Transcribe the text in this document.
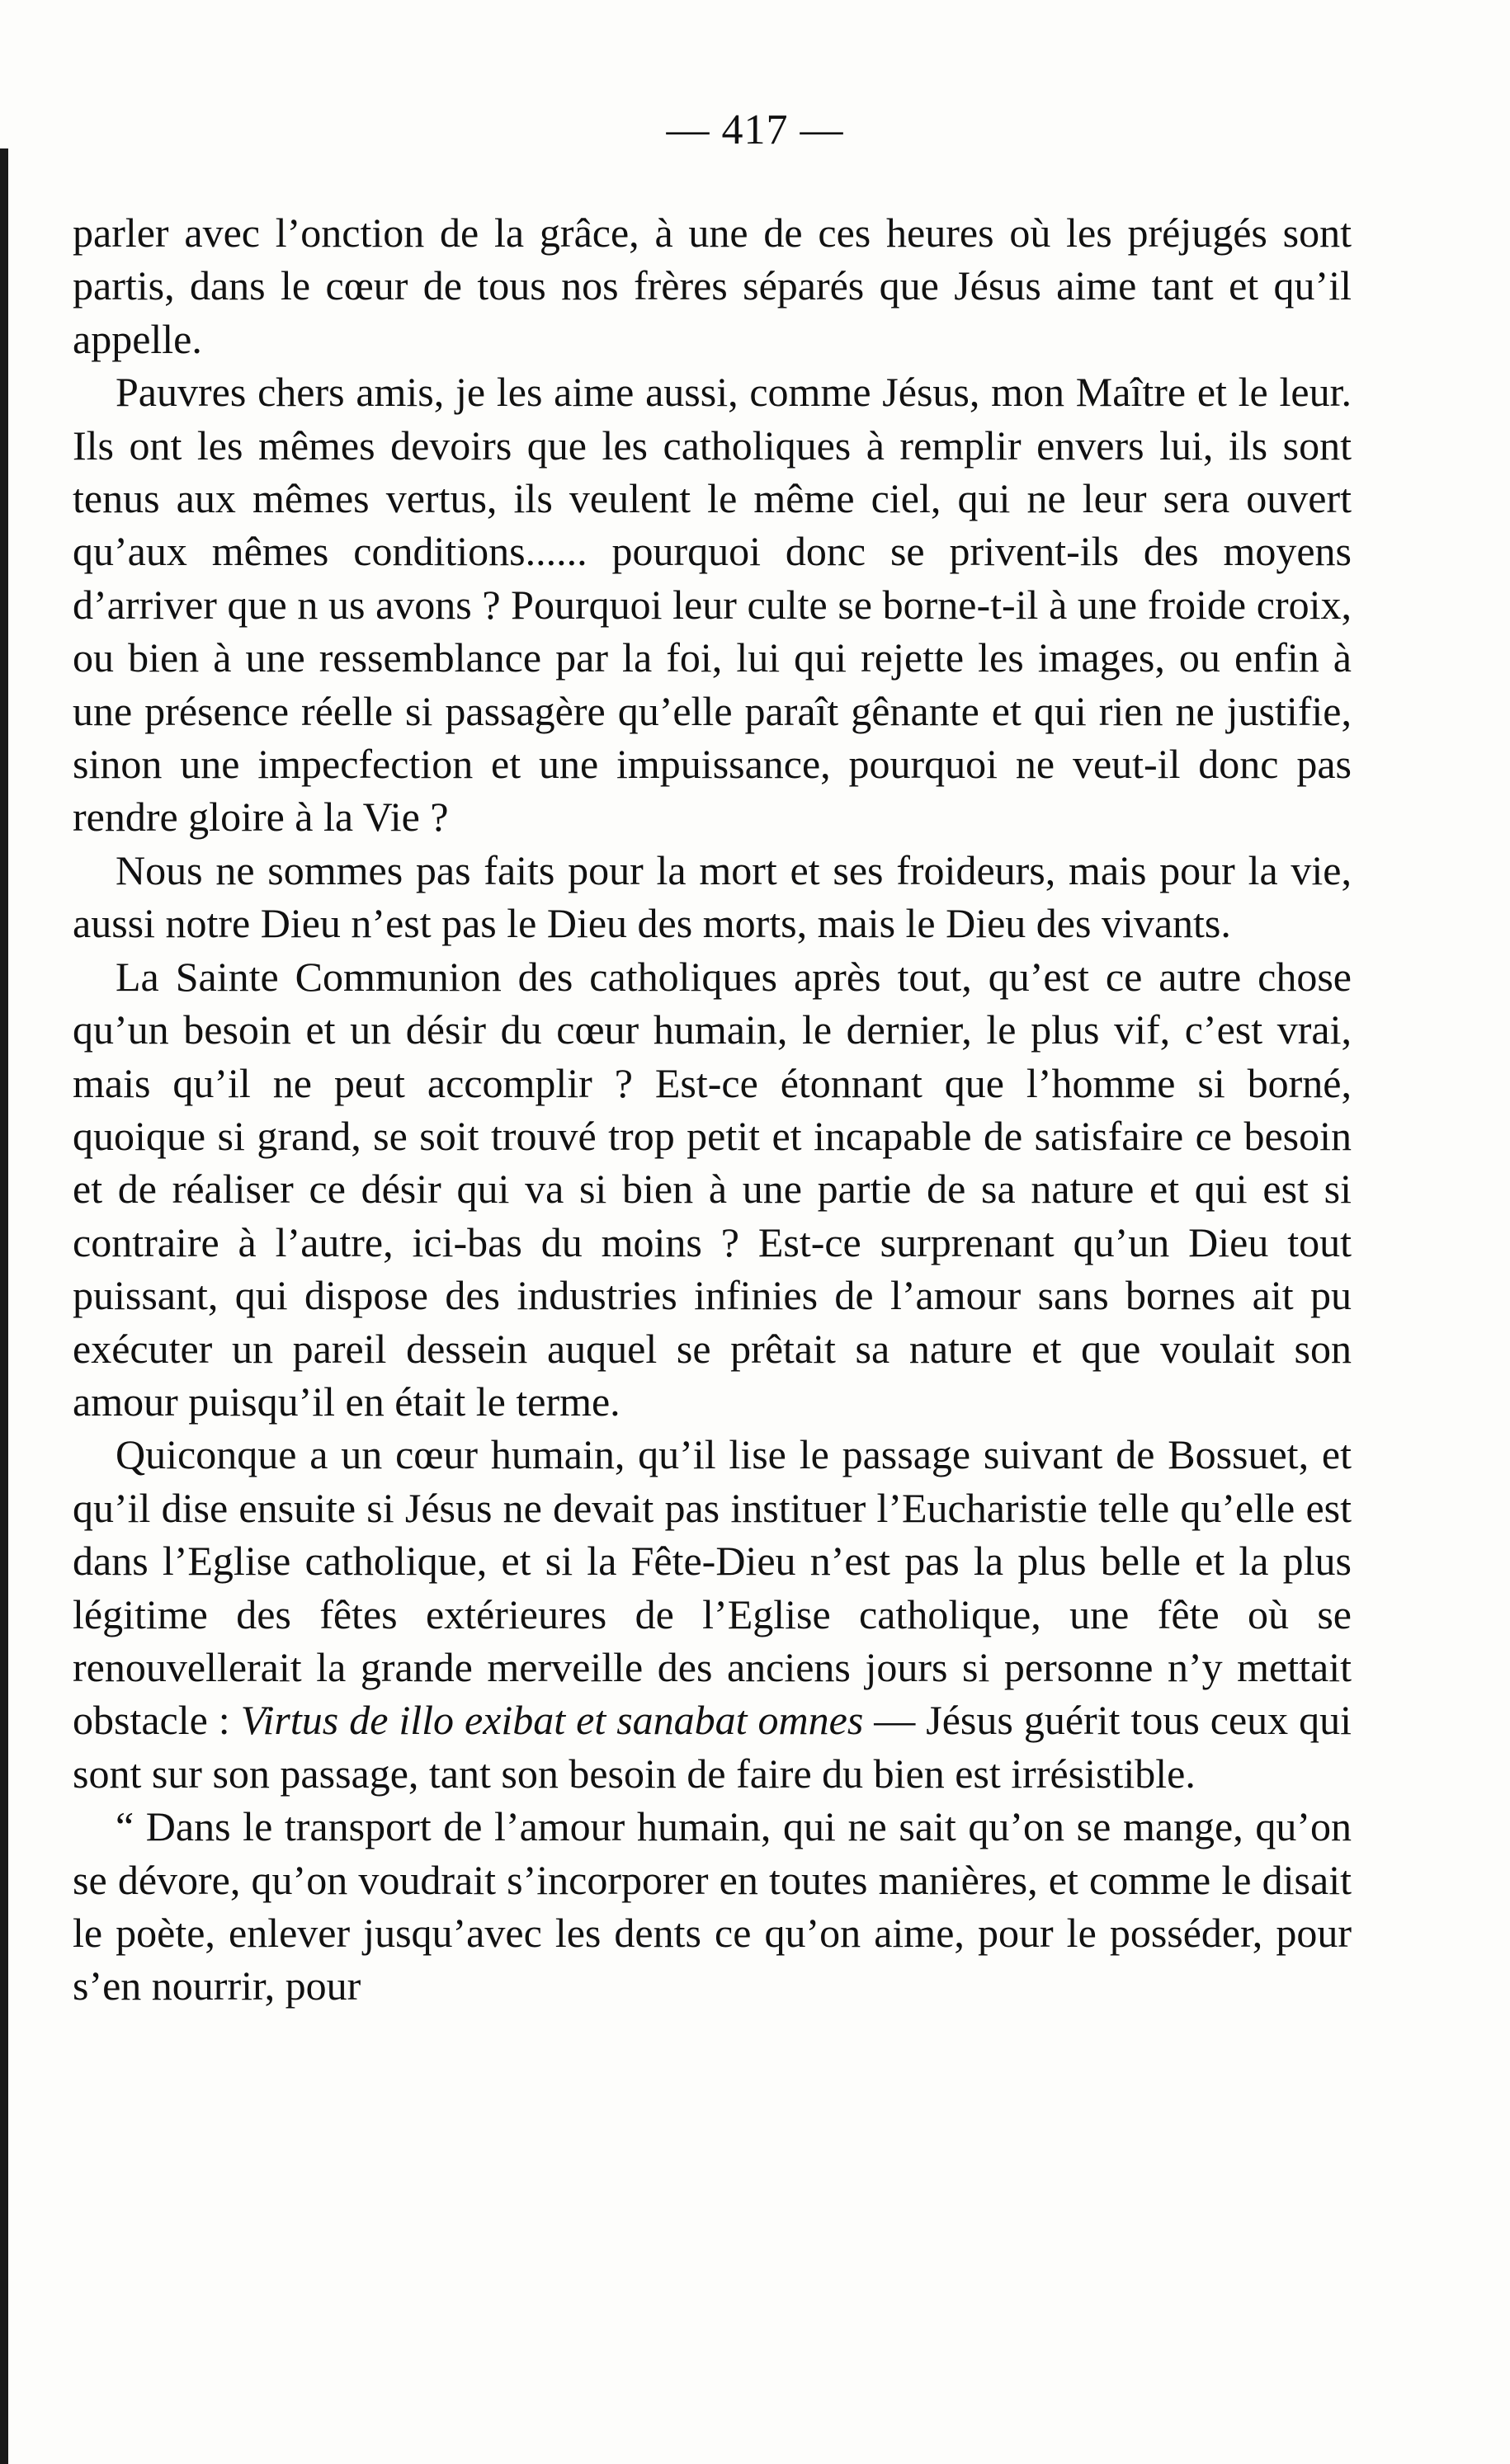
— 417 —

parler avec l’onction de la grâce, à une de ces heures où les préjugés sont partis, dans le cœur de tous nos frères séparés que Jésus aime tant et qu’il appelle.

Pauvres chers amis, je les aime aussi, comme Jésus, mon Maître et le leur. Ils ont les mêmes devoirs que les catholiques à remplir envers lui, ils sont tenus aux mêmes vertus, ils veulent le même ciel, qui ne leur sera ouvert qu’aux mêmes conditions...... pourquoi donc se privent-ils des moyens d’arriver que n us avons ? Pourquoi leur culte se borne-t-il à une froide croix, ou bien à une ressemblance par la foi, lui qui rejette les images, ou enfin à une présence réelle si passagère qu’elle paraît gênante et qui rien ne justifie, sinon une impecfection et une impuissance, pourquoi ne veut-il donc pas rendre gloire à la Vie ?

Nous ne sommes pas faits pour la mort et ses froideurs, mais pour la vie, aussi notre Dieu n’est pas le Dieu des morts, mais le Dieu des vivants.

La Sainte Communion des catholiques après tout, qu’est ce autre chose qu’un besoin et un désir du cœur humain, le dernier, le plus vif, c’est vrai, mais qu’il ne peut accomplir ? Est-ce étonnant que l’homme si borné, quoique si grand, se soit trouvé trop petit et incapable de satisfaire ce besoin et de réaliser ce désir qui va si bien à une partie de sa nature et qui est si contraire à l’autre, ici-bas du moins ? Est-ce surprenant qu’un Dieu tout puissant, qui dispose des industries infinies de l’amour sans bornes ait pu exécuter un pareil dessein auquel se prêtait sa nature et que voulait son amour puisqu’il en était le terme.

Quiconque a un cœur humain, qu’il lise le passage suivant de Bossuet, et qu’il dise ensuite si Jésus ne devait pas instituer l’Eucharistie telle qu’elle est dans l’Eglise catholique, et si la Fête-Dieu n’est pas la plus belle et la plus légitime des fêtes extérieures de l’Eglise catholique, une fête où se renouvellerait la grande merveille des anciens jours si personne n’y mettait obstacle : Virtus de illo exibat et sanabat omnes — Jésus guérit tous ceux qui sont sur son passage, tant son besoin de faire du bien est irrésistible.

“ Dans le transport de l’amour humain, qui ne sait qu’on se mange, qu’on se dévore, qu’on voudrait s’incorporer en toutes manières, et comme le disait le poète, enlever jusqu’avec les dents ce qu’on aime, pour le posséder, pour s’en nourrir, pour
